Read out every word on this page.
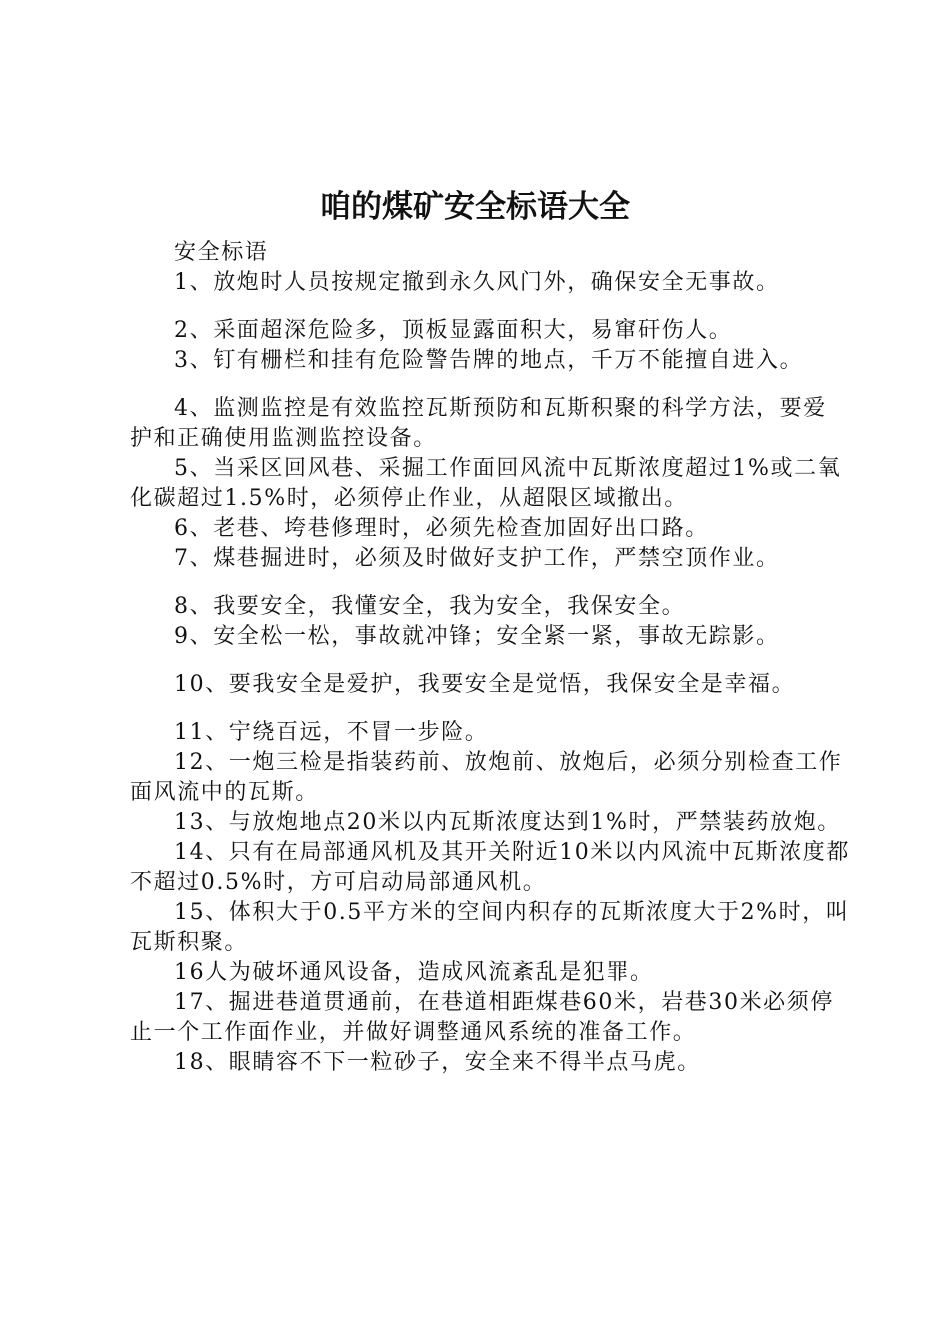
咱的煤矿安全标语大全

安全标语

1、放炮时人员按规定撤到永久风门外，确保安全无事故。

2、采面超深危险多，顶板显露面积大，易窜矸伤人。

3、钉有栅栏和挂有危险警告牌的地点，千万不能擅自进入。

4、监测监控是有效监控瓦斯预防和瓦斯积聚的科学方法，要爱护和正确使用监测监控设备。

5、当采区回风巷、采掘工作面回风流中瓦斯浓度超过1%或二氧化碳超过1.5%时，必须停止作业，从超限区域撤出。

6、老巷、垮巷修理时，必须先检查加固好出口路。

7、煤巷掘进时，必须及时做好支护工作，严禁空顶作业。

8、我要安全，我懂安全，我为安全，我保安全。

9、安全松一松，事故就冲锋；安全紧一紧，事故无踪影。

10、要我安全是爱护，我要安全是觉悟，我保安全是幸福。

11、宁绕百远，不冒一步险。

12、一炮三检是指装药前、放炮前、放炮后，必须分别检查工作面风流中的瓦斯。

13、与放炮地点20米以内瓦斯浓度达到1%时，严禁装药放炮。

14、只有在局部通风机及其开关附近10米以内风流中瓦斯浓度都不超过0.5%时，方可启动局部通风机。

15、体积大于0.5平方米的空间内积存的瓦斯浓度大于2%时，叫瓦斯积聚。

16人为破坏通风设备，造成风流紊乱是犯罪。

17、掘进巷道贯通前，在巷道相距煤巷60米，岩巷30米必须停止一个工作面作业，并做好调整通风系统的准备工作。

18、眼睛容不下一粒砂子，安全来不得半点马虎。
